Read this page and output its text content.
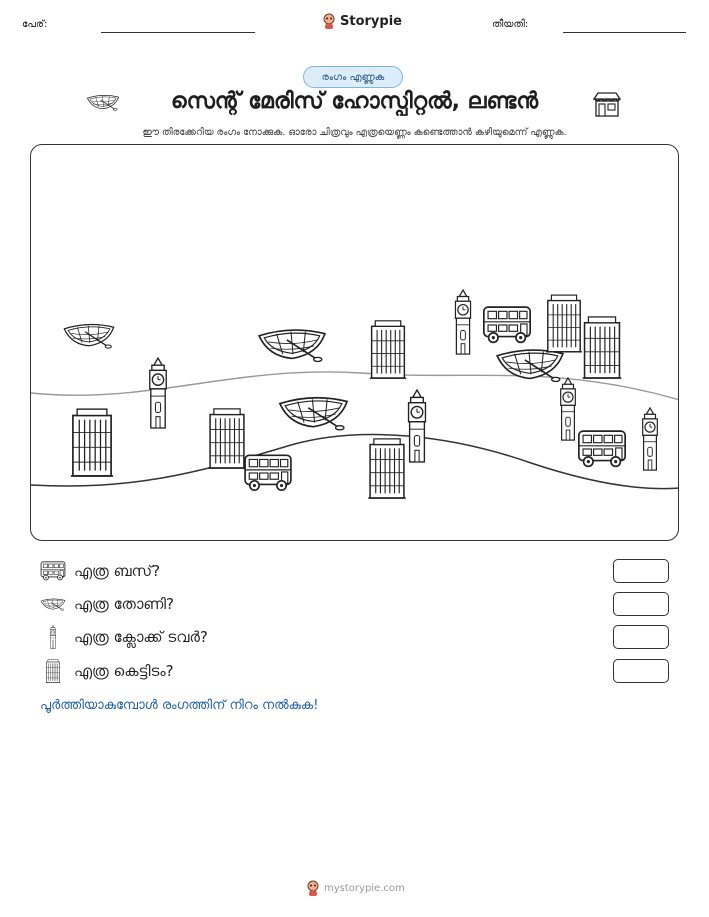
പേര്:	Storypie	തീയതി:
രംഗം എണ്ണുക
സെന്റ് മേരിസ് ഹോസ്പിറ്റൽ, ലണ്ടൻ
ഈ തിരക്കേറിയ രംഗം നോക്കുക. ഓരോ ചിത്രവും എത്രയെണ്ണം കണ്ടെത്താൻ കഴിയുമെന്ന് എണ്ണുക.
എത്ര ബസ്?
എത്ര തോണി?
എത്ര ക്ലോക്ക് ടവർ?
എത്ര കെട്ടിടം?
പൂർത്തിയാകുമ്പോൾ രംഗത്തിന് നിറം നൽകുക!
mystorypie.com
